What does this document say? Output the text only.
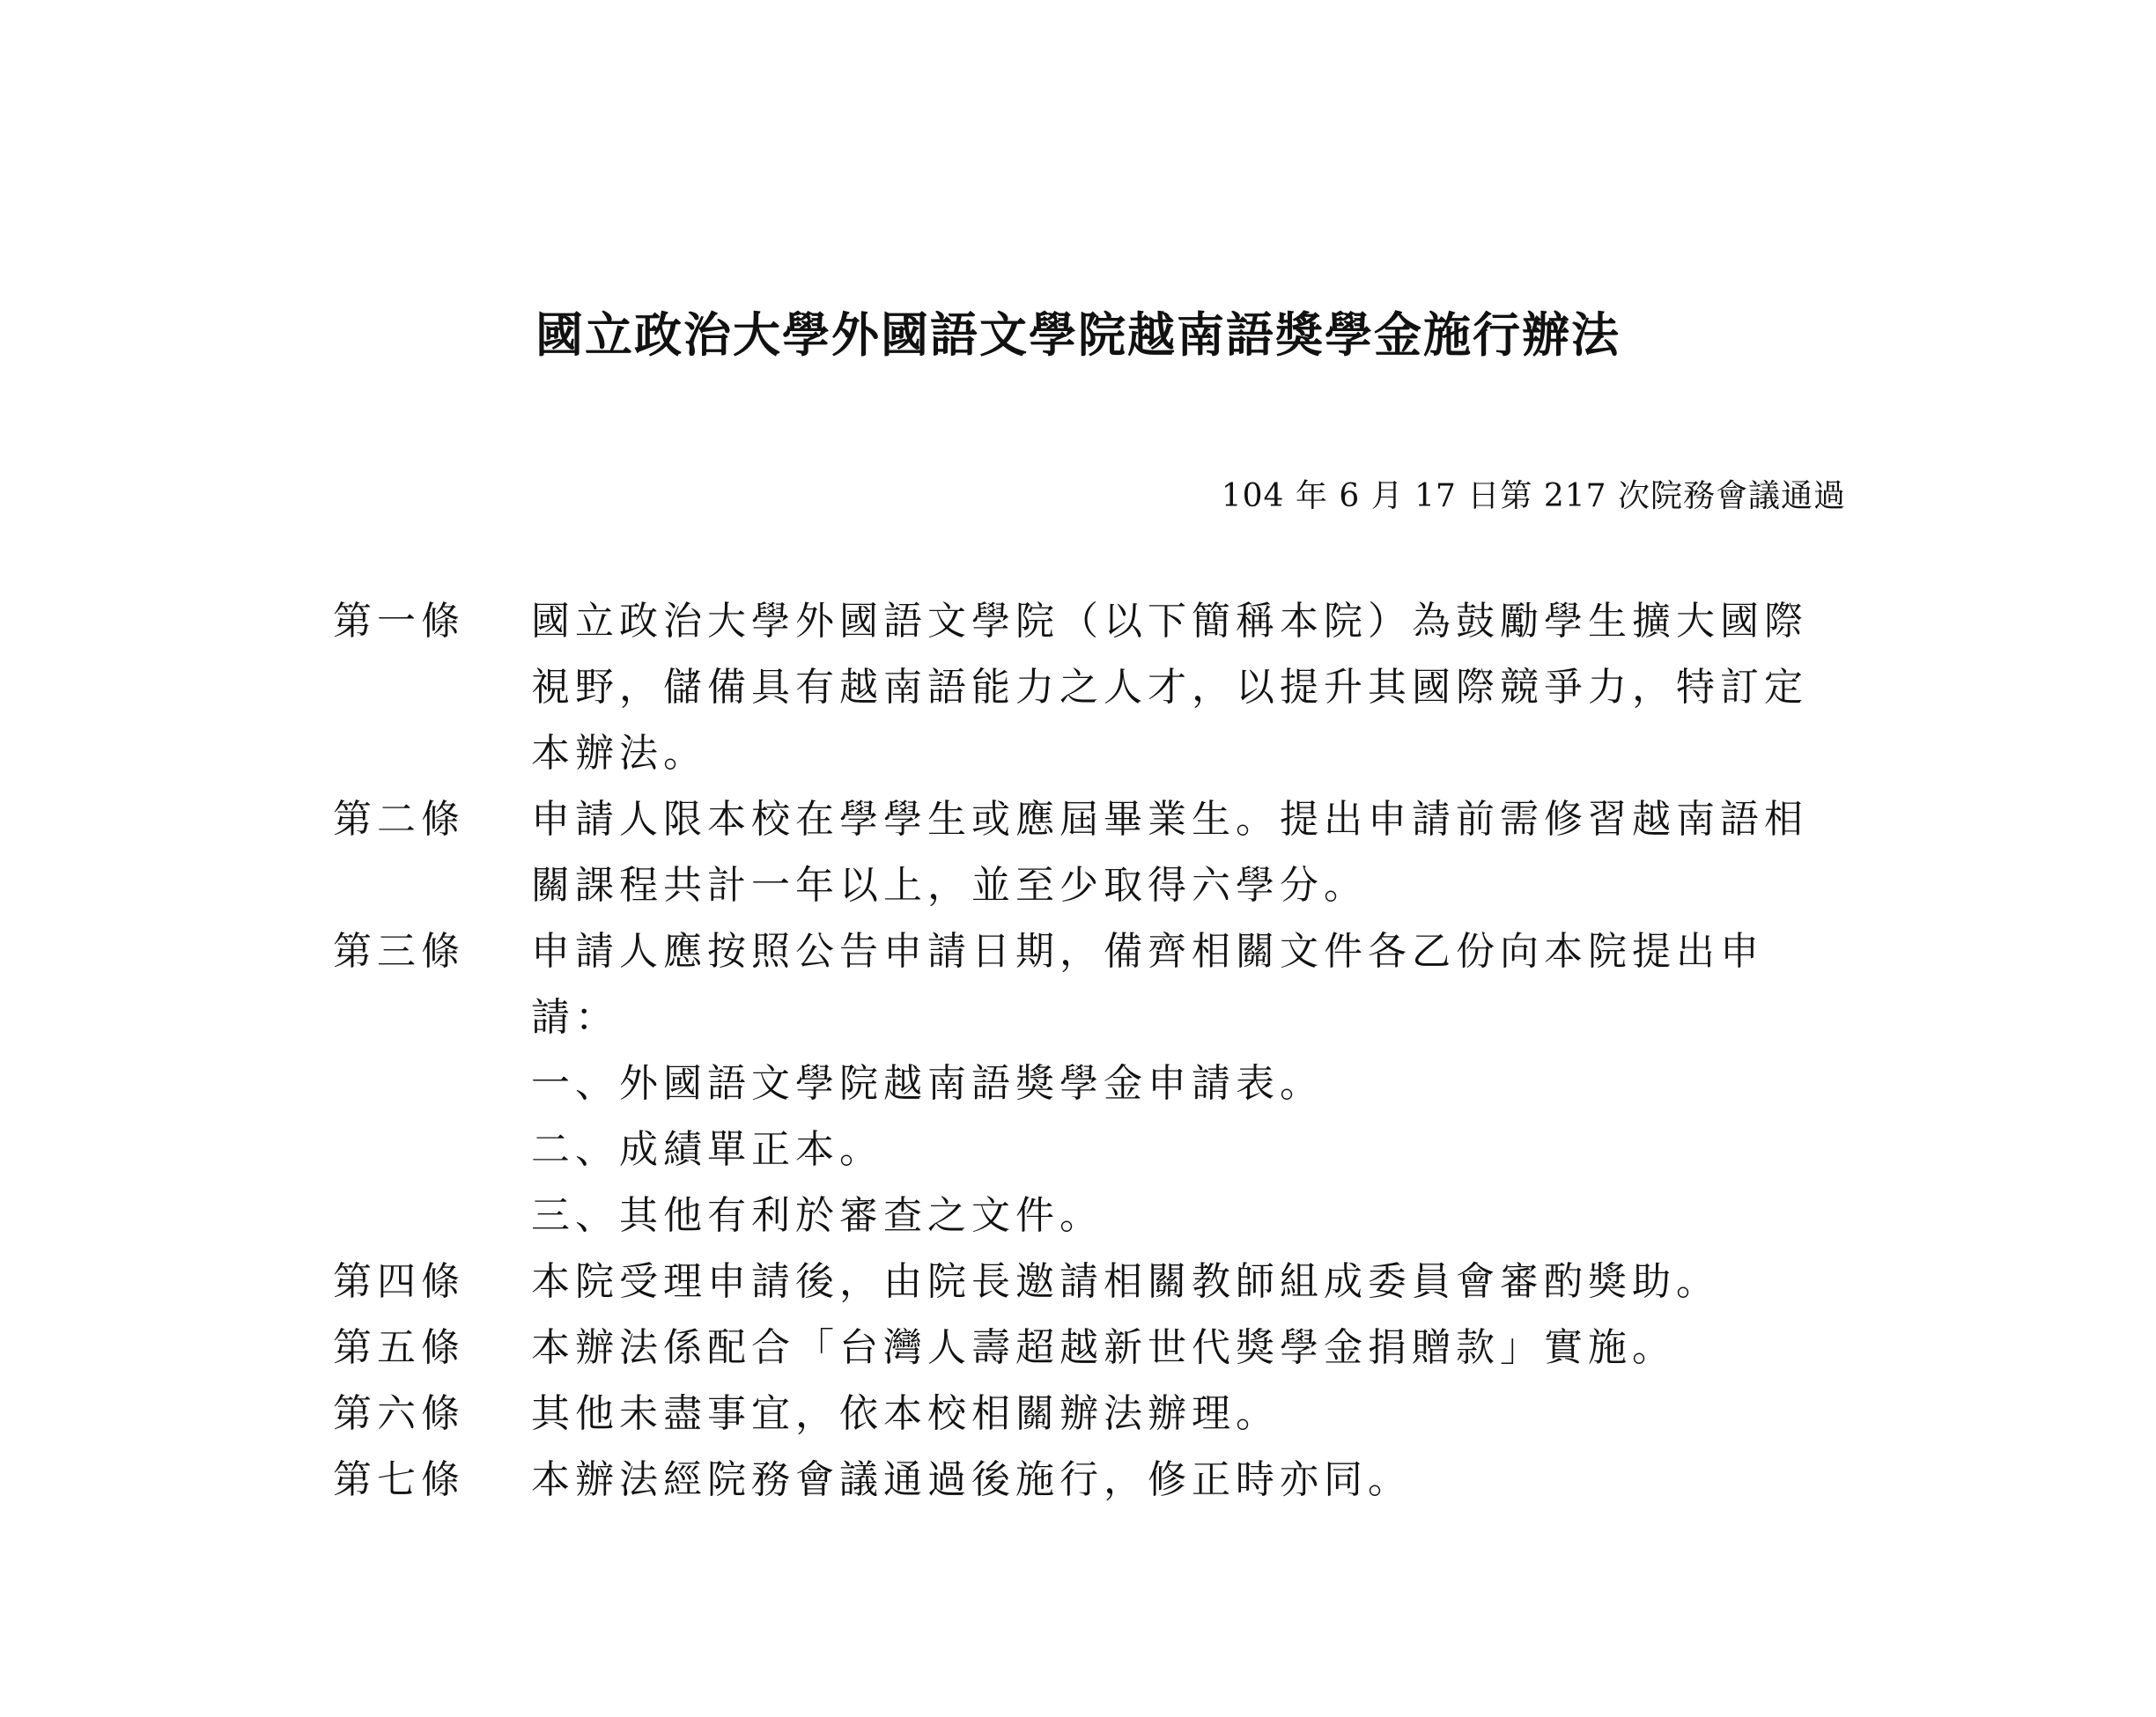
國立政治大學外國語文學院越南語獎學金施行辦法
104 年 6 月 17 日第 217 次院務會議通過
第一條	國立政治大學外國語文學院（以下簡稱本院）為鼓勵學生擴大國際視野，儲備具有越南語能力之人才，以提升其國際競爭力，特訂定本辦法。
第二條	申請人限本校在學學生或應屆畢業生。提出申請前需修習越南語相關課程共計一年以上，並至少取得六學分。
第三條	申請人應按照公告申請日期，備齊相關文件各乙份向本院提出申請：
一、外國語文學院越南語獎學金申請表。
二、成績單正本。
三、其他有利於審查之文件。
第四條	本院受理申請後，由院長邀請相關教師組成委員會審酌獎助。
第五條	本辦法係配合「台灣人壽超越新世代獎學金捐贈款」實施。
第六條	其他未盡事宜，依本校相關辦法辦理。
第七條	本辦法經院務會議通過後施行，修正時亦同。
